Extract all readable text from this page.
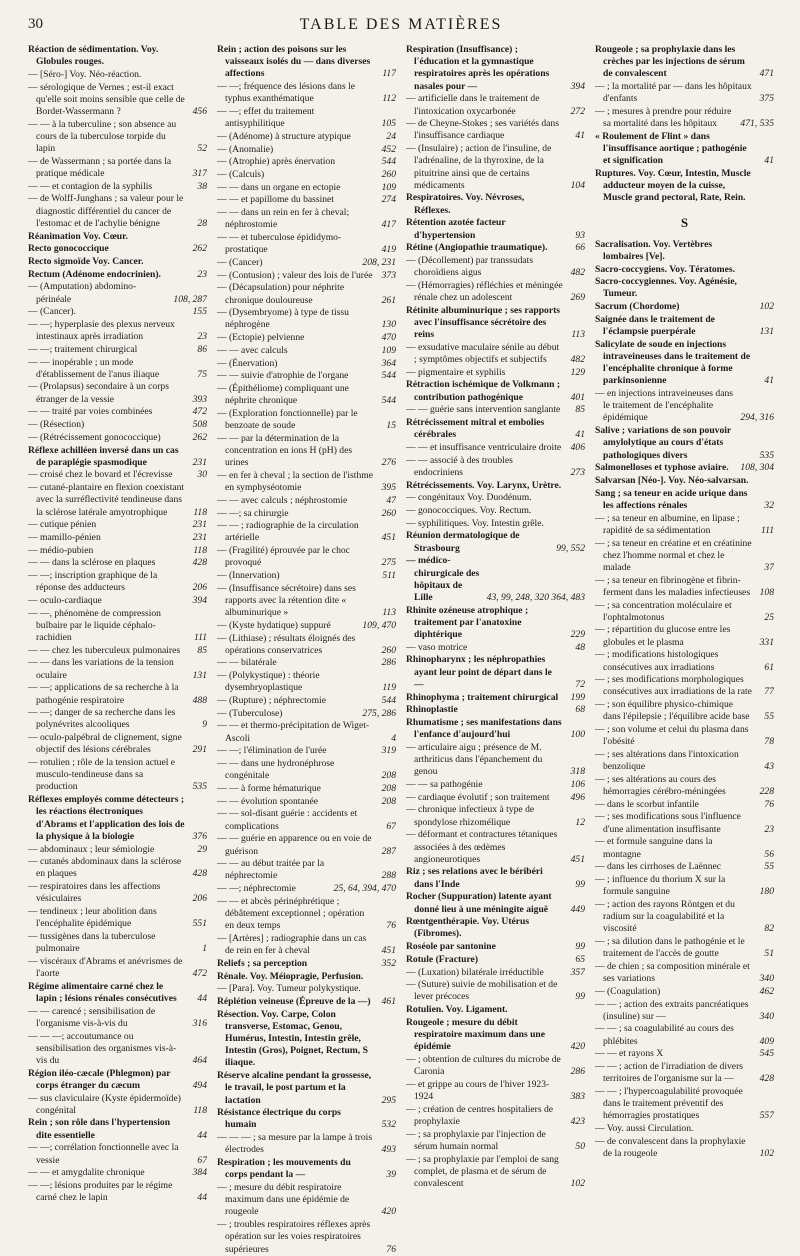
30	TABLE DES MATIÈRES
Réaction de sédimentation. Voy. Globules rouges.
— [Séro-] Voy. Néo-réaction.
— sérologique de Vernes ; est-il exact qu'elle soit moins sensible que celle de Bordet-Wassermann ?	456
— — à la tuberculine ; son absence au cours de la tuberculose torpide du lapin	52
— de Wassermann ; sa portée dans la pratique médicale	317
— — et contagion de la syphilis	38
— de Wolff-Junghans ; sa valeur pour le diagnostic différentiel du cancer de l'estomac et de l'achylie bénigne	28
Réanimation Voy. Cœur.
Recto gonococcique	262
Recto sigmoïde Voy. Cancer.
Rectum (Adénome endocrinien).	23
— (Amputation) abdomino-périnéale	108, 287
— (Cancer).	155
— —; hyperplasie des plexus nerveux intestinaux après irradiation	23
— —; traitement chirurgical	86
— — inopérable ; un mode d'établissement de l'anus iliaque	75
— (Prolapsus) secondaire à un corps étranger de la vessie	393
— — traité par voies combinées	472
— (Résection)	508
— (Rétrécissement gonococcique)	262
Réflexe achilléen inversé dans un cas de paraplégie spasmodique	231
— croisé chez le bovard et l'écrevisse	30
— cutané-plantaire en flexion coexistant avec la surréflectivité tendineuse dans la sclérose latérale amyotrophique	118
— cutique pénien	231
— mamillo-pénien	231
— médio-pubien	118
— — dans la sclérose en plaques	428
— —; inscription graphique de la réponse des adducteurs	206
— oculo-cardiaque	394
— —, phénomène de compression bulbaire par le liquide céphalo-rachidien	111
— — chez les tuberculeux pulmonaires	85
— — dans les variations de la tension oculaire	131
— —; applications de sa recherche à la pathogénie respiratoire	488
— —; danger de sa recherche dans les polynévrites alcooliques	9
— oculo-palpébral de clignement, signe objectif des lésions cérébrales	291
— rotulien ; rôle de la tension actuel e musculo-tendineuse dans sa production	535
Réflexes employés comme détecteurs ; les réactions électroniques d'Abrams et l'application des lois de la physique à la biologie	376
— abdominaux ; leur sémiologie	29
— cutanés abdominaux dans la sclérose en plaques	428
— respiratoires dans les affections vésiculaires	206
— tendineux ; leur abolition dans l'encéphalite épidémique	551
— tussigènes dans la tuberculose pulmonaire	1
— viscéraux d'Abrams et anévrismes de l'aorte	472
Régime alimentaire carné chez le lapin ; lésions rénales consécutives	44
— — carencé ; sensibilisation de l'organisme vis-à-vis du	316
— — —; accoutumance ou sensibilisation des organismes vis-à-vis du	464
Région iléo-cæcale (Phlegmon) par corps étranger du cæcum	494
— sus claviculaire (Kyste épidermoïde) congénital	118
Rein ; son rôle dans l'hypertension dite essentielle	44
— —; corrélation fonctionnelle avec la vessie	67
— — et amygdalite chronique	384
— —; lésions produites par le régime carné chez le lapin	44
Rein ; action des poisons sur les vaisseaux isolés du — dans diverses affections	117
— —; fréquence des lésions dans le typhus exanthématique	112
— —; effet du traitement antisyphilitique	105
— (Adénome) à structure atypique	24
— (Anomalie)	452
— (Atrophie) après énervation	544
— (Calculs)	260
— — dans un organe en ectopie	109
— — et papillome du bassinet	274
— — dans un rein en fer à cheval; néphrostomie	417
— — et tuberculose épididymo-prostatique	419
— (Cancer)	208, 231
— (Contusion) ; valeur des lois de l'urée 373
— (Décapsulation) pour néphrite chronique douloureuse	261
— (Dysembryome) à type de tissu néphrogène	130
— (Ectopie) pelvienne	470
— — avec calculs	109
— (Énervation)	364
— — suivie d'atrophie de l'organe	544
— (Épithéliome) compliquant une néphrite chronique	544
— (Exploration fonctionnelle) par le benzoate de soude	15
— — par la détermination de la concentration en ions H (pH) des urines	276
— en fer à cheval ; la section de l'isthme en symphyséotomie	395
— — avec calculs ; néphrostomie	47
— —; sa chirurgie	260
— — ; radiographie de la circulation artérielle	451
— (Fragilité) éprouvée par le choc provoqué	275
— (Innervation)	511
— (Insuffisance sécrétoire) dans ses rapports avec la rétention dite « albuminurique »	113
— (Kyste hydatique) suppuré	109, 470
— (Lithiase) ; résultats éloignés des opérations conservatrices	260
— — bilatérale	286
— (Polykystique) : théorie dysembryoplastique	119
— (Rupture) ; néphrectomie	544
— (Tuberculose)	275, 286
— — et thermo-précipitation de Wiget-Ascoli	4
— —; l'élimination de l'urée	319
— — dans une hydronéphrose congénitale	208
— — à forme hématurique	208
— — évolution spontanée	208
— — sol-disant guérie : accidents et complications	67
— — guérie en apparence ou en voie de guérison	287
— — au début traitée par la néphrectomie	288
— —; néphrectomie	25, 64, 394, 470
— — et abcès périnéphrétique ; débâtement exceptionnel ; opération en deux temps	76
— [Artères] ; radiographie dans un cas de rein en fer à cheval	451
Reliefs ; sa perception	352
Rénale. Voy. Méiopragie, Perfusion.
— [Para]. Voy. Tumeur polykystique.
Réplétion veineuse (Épreuve de la —)	461
Résection. Voy. Carpe, Colon transverse, Estomac, Genou, Humérus, Intestin, Intestin grêle, Intestin (Gros), Poignet, Rectum, S iliaque.
Réserve alcaline pendant la grossesse, le travail, le post partum et la lactation	295
Résistance électrique du corps humain	532
— — — ; sa mesure par la lampe à trois électrodes	493
Respiration ; les mouvements du corps pendant la —	39
— ; mesure du débit respiratoire maximum dans une épidémie de rougeole	420
— ; troubles respiratoires réflexes après opération sur les voies respiratoires supérieures	76
Respiration (Insuffisance) ; l'éducation et la gymnastique respiratoires après les opérations nasales pour —	394
— artificielle dans le traitement de l'intoxication oxycarbonée	272
— de Cheyne-Stokes ; ses variétés dans l'insuffisance cardiaque	41
— (Insulaire) ; action de l'insuline, de l'adrénaline, de la thyroxine, de la pituitrine ainsi que de certains médicaments	104
Respiratoires. Voy. Névroses, Réflexes.
Rétention azotée facteur d'hypertension	93
Rétine (Angiopathie traumatique).	66
— (Décollement) par transsudats choroïdiens aigus	482
— (Hémorragies) réfléchies et méningée rénale chez un adolescent	269
Rétinite albuminurique ; ses rapports avec l'insuffisance sécrétoire des reins	113
— exsudative maculaire sénile au début ; symptômes objectifs et subjectifs	482
— pigmentaire et syphilis	129
Rétraction ischémique de Volkmann ; contribution pathogénique	401
— — guérie sans intervention sanglante	85
Rétrécissement mitral et embolies cérébrales	41
— — et insuffisance ventriculaire droite 406
— — associé à des troubles endocriniens	273
Rétrécissements. Voy. Larynx, Urètre.
— congénitaux Voy. Duodénum.
— gonococciques. Voy. Rectum.
— syphilitiques. Voy. Intestin grêle.
Réunion dermatologique de Strasbourg	99, 552
— médico-chirurgicale des hôpitaux de Lille	43, 99, 248, 320 364, 483
Rhinite ozéneuse atrophique ; traitement par l'anatoxine diphtérique	229
— vaso motrice	48
Rhinopharynx ; les néphropathies ayant leur point de départ dans le —	72
Rhinophyma ; traitement chirurgical	199
Rhinoplastie	68
Rhumatisme ; ses manifestations dans l'enfance d'aujourd'hui	100
— articulaire aigu ; présence de M. arthriticus dans l'épanchement du genou	318
— — sa pathogénie	106
— cardiaque évolutif ; son traitement	496
— chronique infectieux à type de spondylose rhizomélique	12
— déformant et contractures tétaniques associées à des œdèmes angioneurotiques	451
Riz ; ses relations avec le béribéri dans l'Inde	99
Rocher (Suppuration) latente ayant donné lieu à une méningite aiguë	449
Rœntgenthérapie. Voy. Utérus (Fibromes).
Roséole par santonine	99
Rotule (Fracture)	65
— (Luxation) bilatérale irréductible	357
— (Suture) suivie de mobilisation et de lever précoces	99
Rotulien. Voy. Ligament.
Rougeole ; mesure du débit respiratoire maximum dans une épidémie	420
— ; obtention de cultures du microbe de Caronia	286
— et grippe au cours de l'hiver 1923-1924	383
— ; création de centres hospitaliers de prophylaxie	423
— ; sa prophylaxie par l'injection de sérum humain normal	50
— ; sa prophylaxie par l'emploi de sang complet, de plasma et de sérum de convalescent	102
Rougeole ; sa prophylaxie dans les crèches par les injections de sérum de convalescent	471
— ; la mortalité par — dans les hôpitaux d'enfants	375
— ; mesures à prendre pour réduire sa mortalité dans les hôpitaux	471, 535
« Roulement de Flint » dans l'insuffisance aortique ; pathogénie et signification	41
Ruptures. Voy. Cœur, Intestin, Muscle adducteur moyen de la cuisse, Muscle grand pectoral, Rate, Rein.
S
Sacralisation. Voy. Vertèbres lombaires [Ve].
Sacro-coccygiens. Voy. Tératomes.
Sacro-coccygiennes. Voy. Agénésie, Tumeur.
Sacrum (Chordome)	102
Saignée dans le traitement de l'éclampsie puerpérale	131
Salicylate de soude en injections intraveineuses dans le traitement de l'encéphalite chronique à forme parkinsonienne	41
— en injections intraveineuses dans le traitement de l'encéphalite épidémique	294, 316
Salive ; variations de son pouvoir amylolytique au cours d'états pathologiques divers	535
Salmonelloses et typhose aviaire.	108, 304
Salvarsan [Néo-]. Voy. Néo-salvarsan.
Sang ; sa teneur en acide urique dans les affections rénales	32
— ; sa teneur en albumine, en lipase ; rapidité de sa sédimentation	111
— ; sa teneur en créatine et en créatinine chez l'homme normal et chez le malade	37
— ; sa teneur en fibrinogène et fibrin-ferment dans les maladies infectieuses 108
— ; sa concentration moléculaire et l'ophtalmotonus	25
— ; répartition du glucose entre les globules et le plasma	331
— ; modifications histologiques consécutives aux irradiations	61
— ; ses modifications morphologiques consécutives aux irradiations de la rate	77
— ; son équilibre physico-chimique dans l'épilepsie ; l'équilibre acide base	55
— ; son volume et celui du plasma dans l'obésité	78
— ; ses altérations dans l'intoxication benzolique	43
— ; ses altérations au cours des hémorragies cérébro-méningées	228
— dans le scorbut infantile	76
— ; ses modifications sous l'influence d'une alimentation insuffisante	23
— et formule sanguine dans la montagne	56
— dans les cirrhoses de Laënnec	55
— ; influence du thorium X sur la formule sanguine	180
— ; action des rayons Röntgen et du radium sur la coagulabilité et la viscosité	82
— ; sa dilution dans le pathogénie et le traitement de l'accès de goutte	51
— de chien ; sa composition minérale et ses variations	340
— (Coagulation)	462
— — ; action des extraits pancréatiques (insuline) sur —	340
— — ; sa coagulabilité au cours des phlébites	409
— — et rayons X	545
— — ; action de l'irradiation de divers territoires de l'organisme sur la —	428
— — ; l'hypercoagulabilité provoquée dans le traitement préventif des hémorragies prostatiques	557
— Voy. aussi Circulation.
— de convalescent dans la prophylaxie de la rougeole	102
